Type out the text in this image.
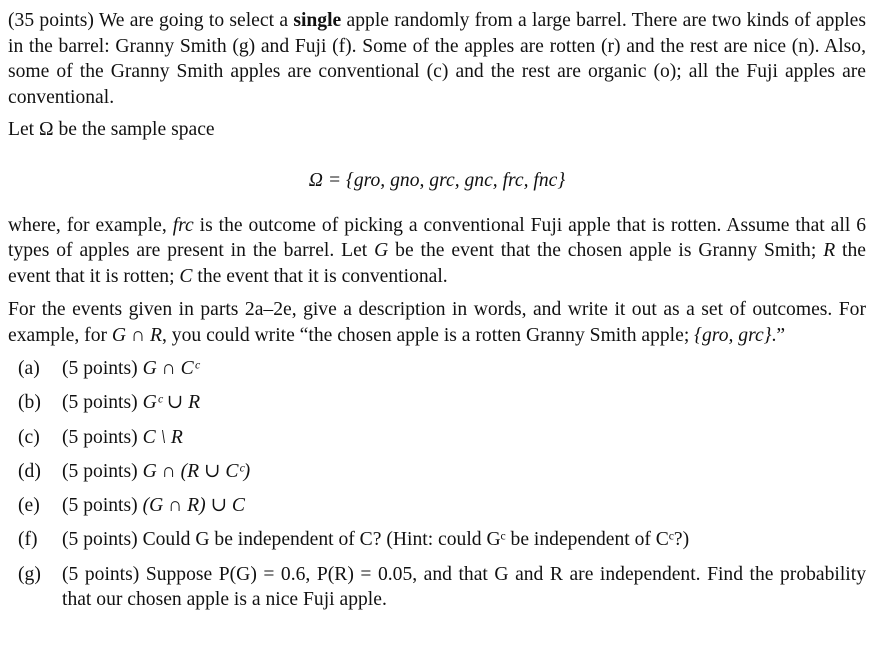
(35 points) We are going to select a single apple randomly from a large barrel. There are two kinds of apples in the barrel: Granny Smith (g) and Fuji (f). Some of the apples are rotten (r) and the rest are nice (n). Also, some of the Granny Smith apples are conventional (c) and the rest are organic (o); all the Fuji apples are conventional.

Let Ω be the sample space

Ω = {gro, gno, grc, gnc, frc, fnc}

where, for example, frc is the outcome of picking a conventional Fuji apple that is rotten. Assume that all 6 types of apples are present in the barrel. Let G be the event that the chosen apple is Granny Smith; R the event that it is rotten; C the event that it is conventional.

For the events given in parts 2a–2e, give a description in words, and write it out as a set of outcomes. For example, for G ∩ R, you could write “the chosen apple is a rotten Granny Smith apple; {gro, grc}.”

(a)	(5 points) G ∩ Cᶜ
(b)	(5 points) Gᶜ ∪ R
(c)	(5 points) C \ R
(d)	(5 points) G ∩ (R ∪ Cᶜ)
(e)	(5 points) (G ∩ R) ∪ C
(f)	(5 points) Could G be independent of C? (Hint: could Gᶜ be independent of Cᶜ?)
(g)	(5 points) Suppose P(G) = 0.6, P(R) = 0.05, and that G and R are independent. Find the probability that our chosen apple is a nice Fuji apple.
